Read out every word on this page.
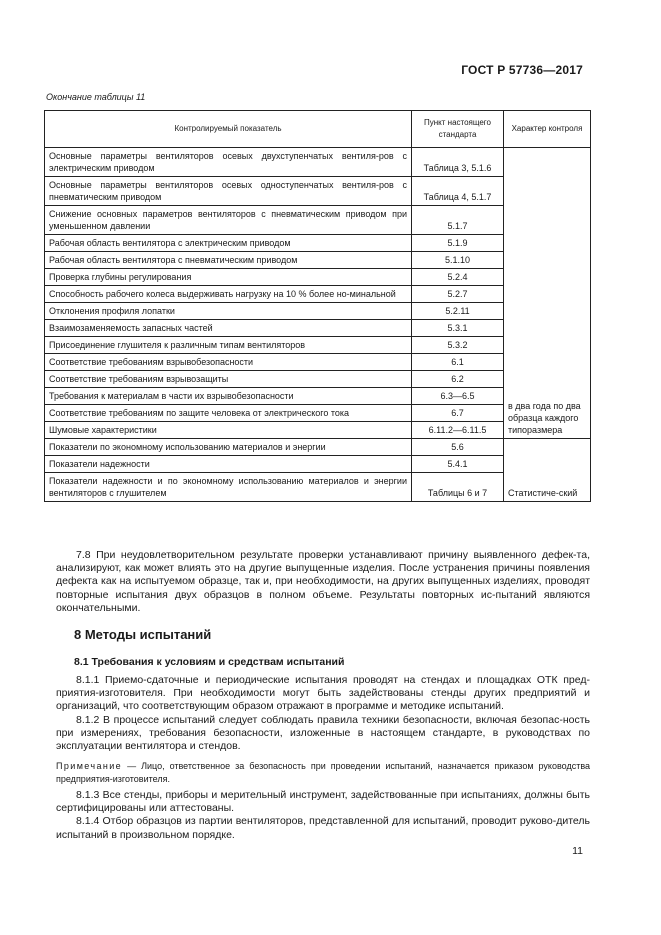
ГОСТ Р 57736—2017
Окончание таблицы 11
Контролируемый показатель	Пункт настоящего стандарта	Характер контроля
Основные параметры вентиляторов осевых двухступенчатых вентиля-ров с электрическим приводом	Таблица 3, 5.1.6	в два года по два образца каждого типоразмера
Основные параметры вентиляторов осевых одноступенчатых вентиля-ров с пневматическим приводом	Таблица 4, 5.1.7	
Снижение основных параметров вентиляторов с пневматическим приводом при уменьшенном давлении	5.1.7	
Рабочая область вентилятора с электрическим приводом	5.1.9	
Рабочая область вентилятора с пневматическим приводом	5.1.10	
Проверка глубины регулирования	5.2.4	
Способность рабочего колеса выдерживать нагрузку на 10 % более но-минальной	5.2.7	
Отклонения профиля лопатки	5.2.11	
Взаимозаменяемость запасных частей	5.3.1	
Присоединение глушителя к различным типам вентиляторов	5.3.2	
Соответствие требованиям взрывобезопасности	6.1	
Соответствие требованиям взрывозащиты	6.2	
Требования к материалам в части их взрывобезопасности	6.3—6.5	
Соответствие требованиям по защите человека от электрического тока	6.7	
Шумовые характеристики	6.11.2—6.11.5	
Показатели по экономному использованию материалов и энергии	5.6	Статистиче-ский
Показатели надежности	5.4.1	
Показатели надежности и по экономному использованию материалов и энергии вентиляторов с глушителем	Таблицы 6 и 7	

7.8 При неудовлетворительном результате проверки устанавливают причину выявленного дефек-та, анализируют, как может влиять это на другие выпущенные изделия. После устранения причины появления дефекта как на испытуемом образце, так и, при необходимости, на других выпущенных изделиях, проводят повторные испытания двух образцов в полном объеме. Результаты повторных ис-пытаний являются окончательными.

8 Методы испытаний
8.1 Требования к условиям и средствам испытаний

8.1.1 Приемо-сдаточные и периодические испытания проводят на стендах и площадках ОТК пред-приятия-изготовителя. При необходимости могут быть задействованы стенды других предприятий и организаций, что соответствующим образом отражают в программе и методике испытаний.

8.1.2 В процессе испытаний следует соблюдать правила техники безопасности, включая безопас-ность при измерениях, требования безопасности, изложенные в настоящем стандарте, в руководствах по эксплуатации вентилятора и стендов.

Примечание — Лицо, ответственное за безопасность при проведении испытаний, назначается приказом руководства предприятия-изготовителя.

8.1.3 Все стенды, приборы и мерительный инструмент, задействованные при испытаниях, должны быть сертифицированы или аттестованы.

8.1.4 Отбор образцов из партии вентиляторов, представленной для испытаний, проводит руково-дитель испытаний в произвольном порядке.

11
